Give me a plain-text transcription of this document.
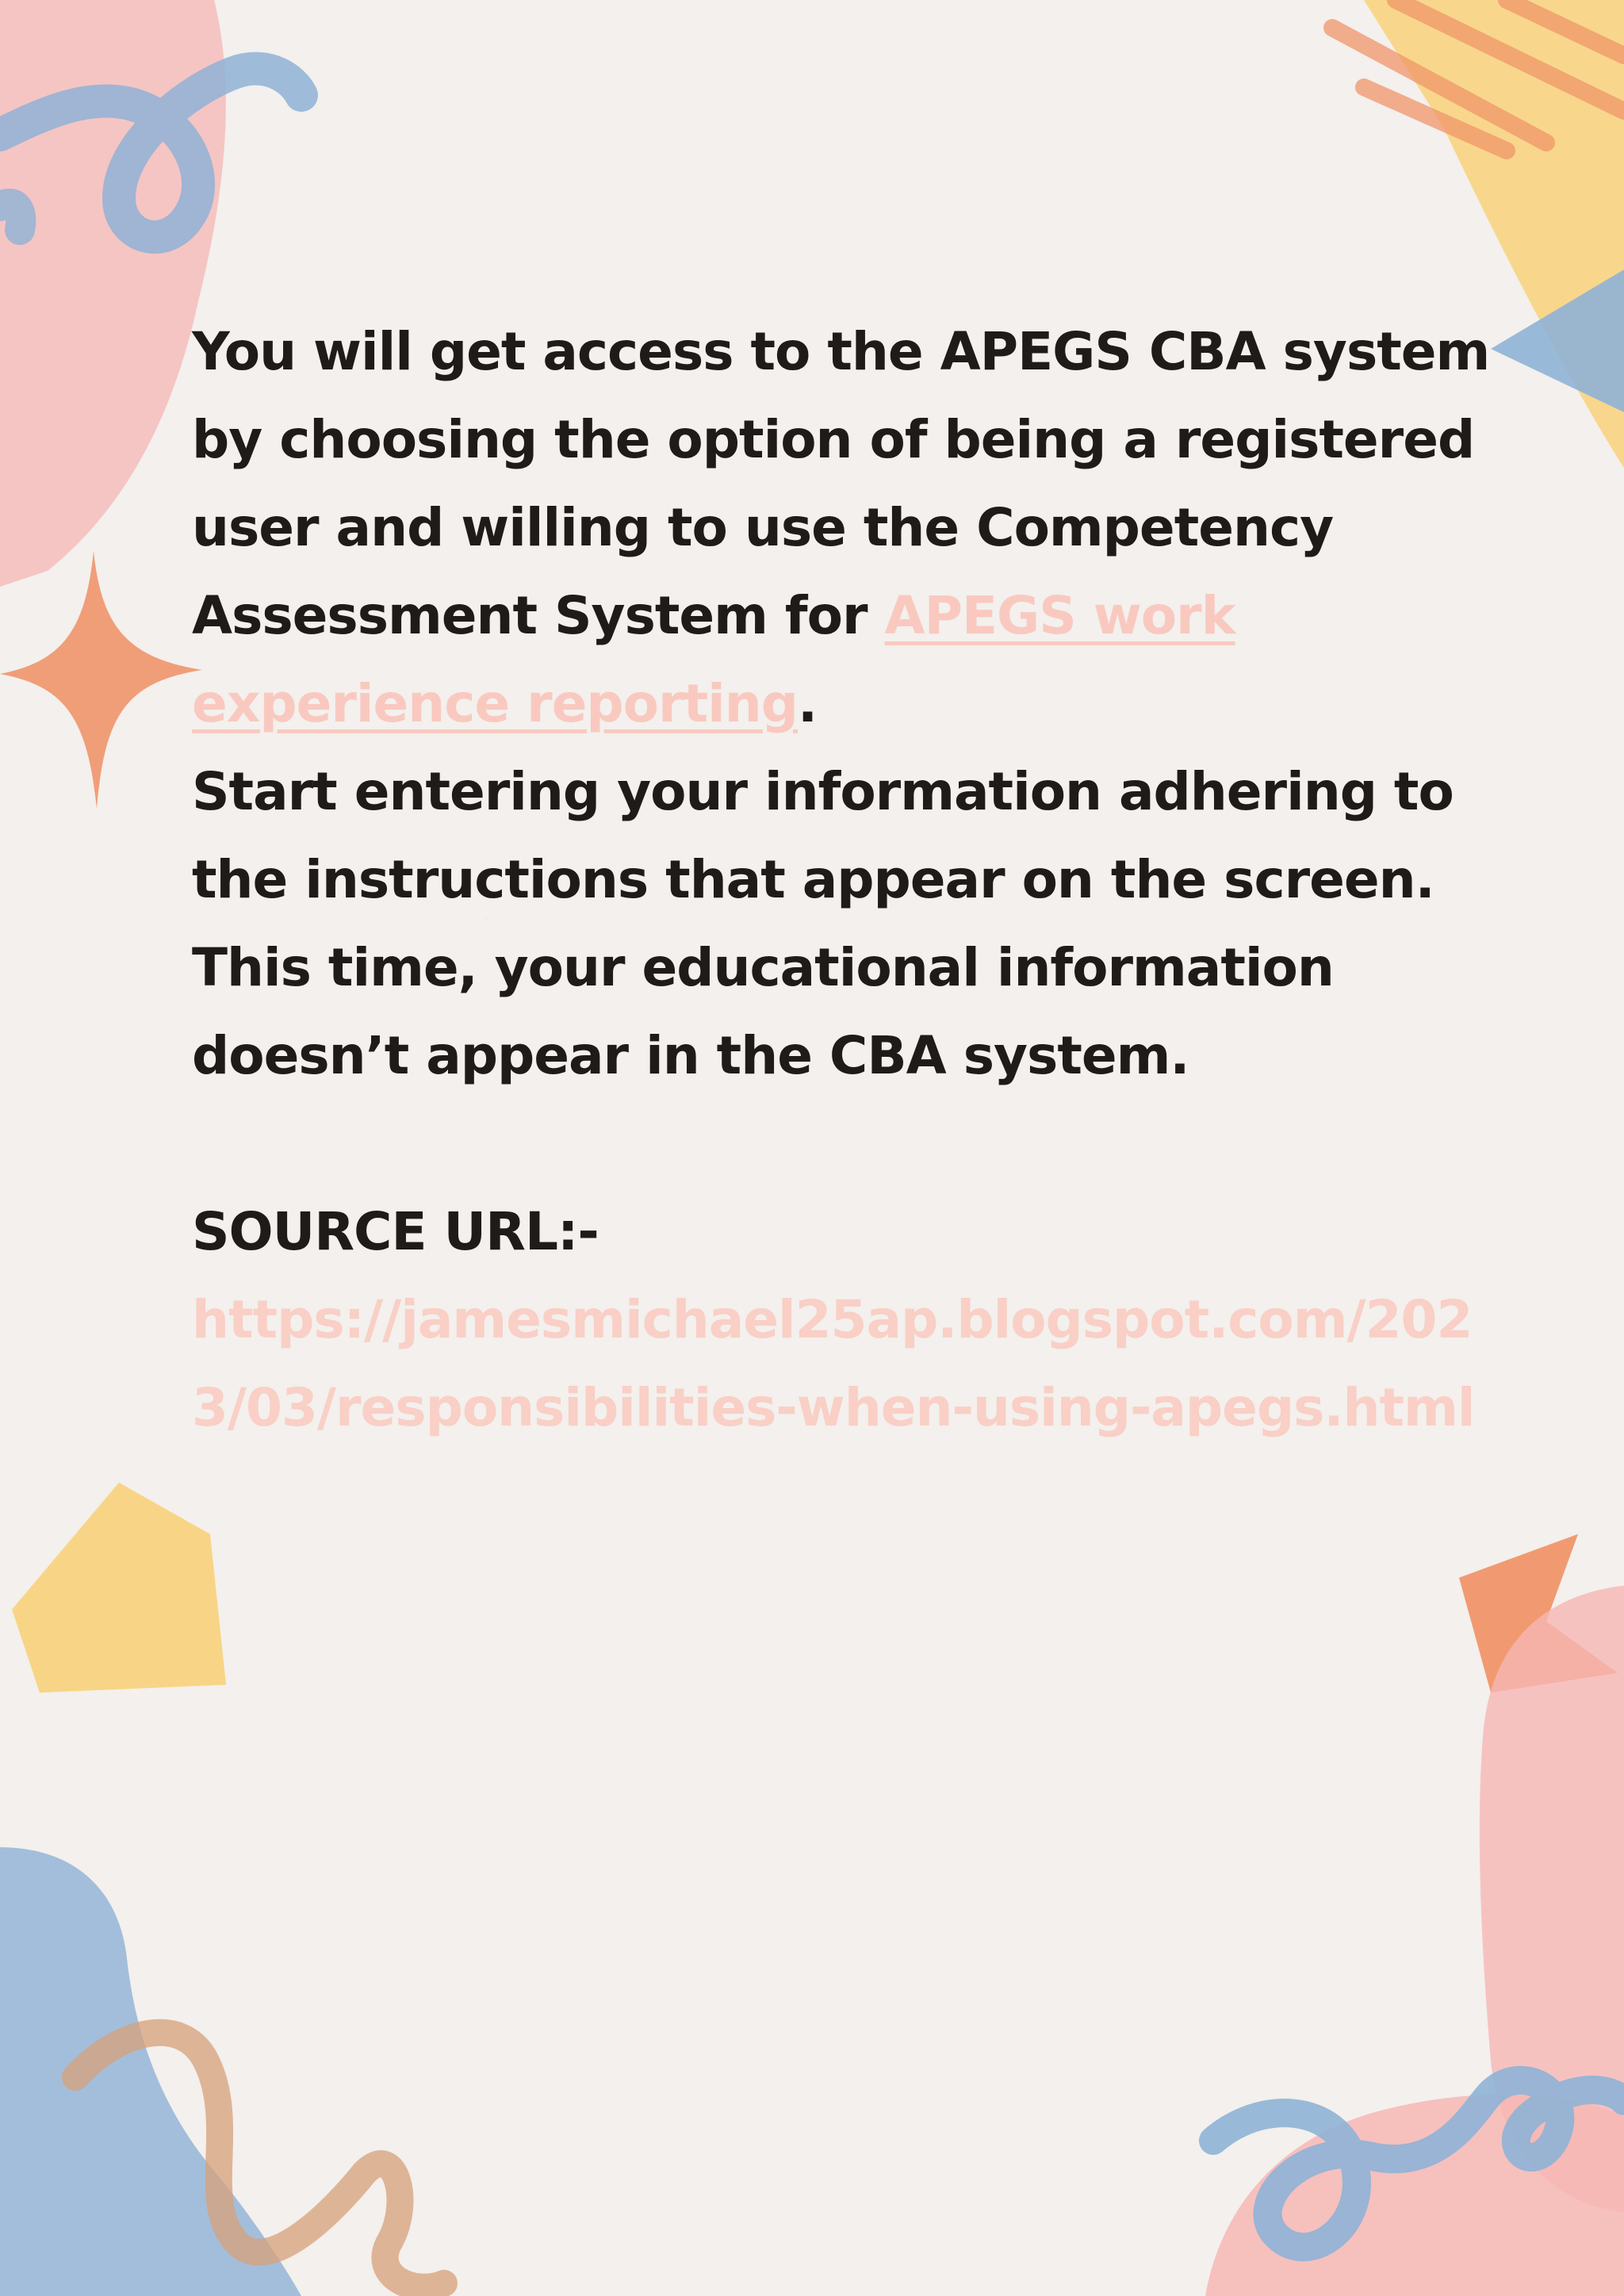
You will get access to the APEGS CBA system by choosing the option of being a registered user and willing to use the Competency Assessment System for APEGS work experience reporting.

Start entering your information adhering to the instructions that appear on the screen. This time, your educational information doesn’t appear in the CBA system.

SOURCE URL:-
https://jamesmichael25ap.blogspot.com/2023/03/responsibilities-when-using-apegs.html
